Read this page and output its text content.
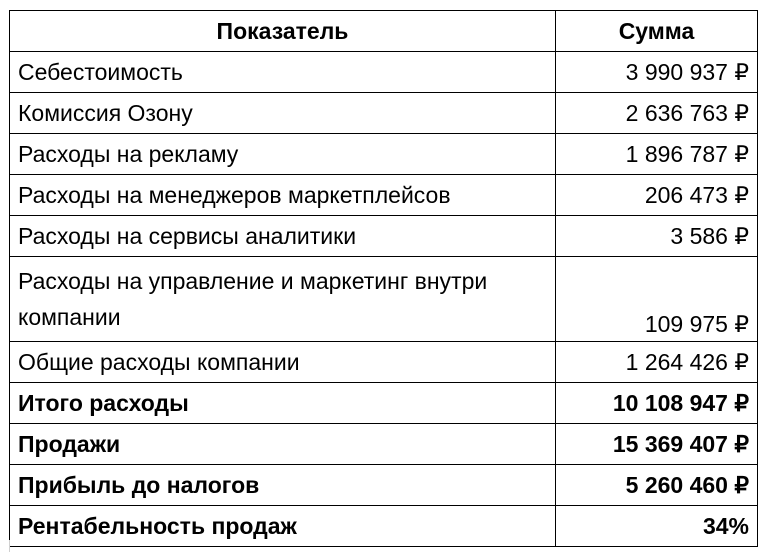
Показатель	Сумма
Себестоимость	3 990 937 ₽
Комиссия Озону	2 636 763 ₽
Расходы на рекламу	1 896 787 ₽
Расходы на менеджеров маркетплейсов	206 473 ₽
Расходы на сервисы аналитики	3 586 ₽
Расходы на управление и маркетинг внутри компании	109 975 ₽
Общие расходы компании	1 264 426 ₽
Итого расходы	10 108 947 ₽
Продажи	15 369 407 ₽
Прибыль до налогов	5 260 460 ₽
Рентабельность продаж	34%
